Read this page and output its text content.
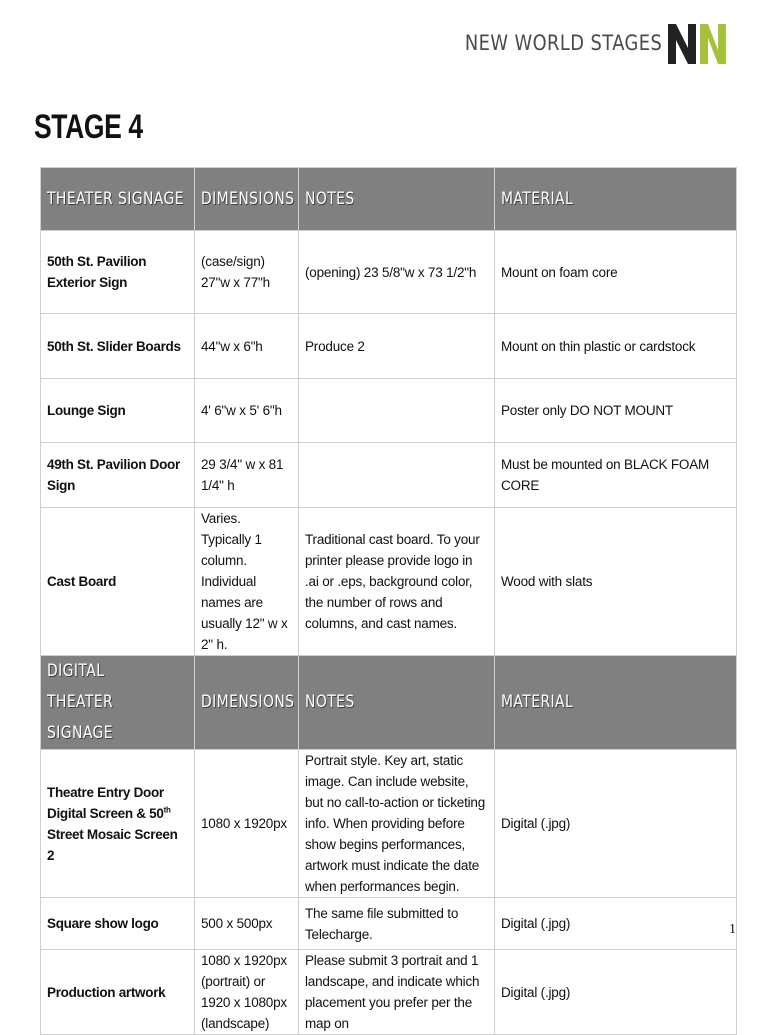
NEW WORLD STAGES
STAGE 4
THEATER SIGNAGE	DIMENSIONS	NOTES	MATERIAL
50th St. Pavilion Exterior Sign	(case/sign) 27"w x 77"h	(opening) 23 5/8"w x 73 1/2"h	Mount on foam core
50th St. Slider Boards	44"w x 6"h	Produce 2	Mount on thin plastic or cardstock
Lounge Sign	4' 6"w x 5' 6"h		Poster only DO NOT MOUNT
49th St. Pavilion Door Sign	29 3/4" w x 81 1/4" h		Must be mounted on BLACK FOAM CORE
Cast Board	Varies. Typically 1 column. Individual names are usually 12" w x 2" h.	Traditional cast board. To your printer please provide logo in .ai or .eps, background color, the number of rows and columns, and cast names.	Wood with slats
DIGITAL THEATER SIGNAGE	DIMENSIONS	NOTES	MATERIAL
Theatre Entry Door Digital Screen & 50th Street Mosaic Screen 2	1080 x 1920px	Portrait style. Key art, static image. Can include website, but no call-to-action or ticketing info. When providing before show begins performances, artwork must indicate the date when performances begin.	Digital (.jpg)
Square show logo	500 x 500px	The same file submitted to Telecharge.	Digital (.jpg)
Production artwork	1080 x 1920px (portrait) or 1920 x 1080px (landscape)	Please submit 3 portrait and 1 landscape, and indicate which placement you prefer per the map on	Digital (.jpg)
1
